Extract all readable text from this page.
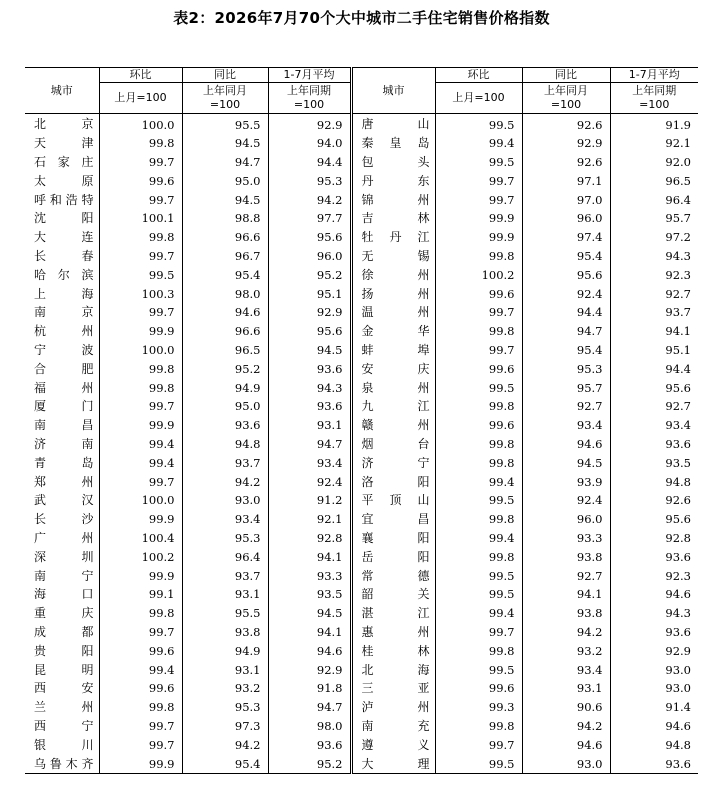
表2：2026年7月70个大中城市二手住宅销售价格指数
城市	环比	同比	1-7月平均	城市	环比	同比	1-7月平均
	上月=100	上年同月=100	上年同期=100		上月=100	上年同月=100	上年同期=100
北 京	100.0	95.5	92.9	唐 山	99.5	92.6	91.9
天 津	99.8	94.5	94.0	秦皇岛	99.4	92.9	92.1
石家庄	99.7	94.7	94.4	包 头	99.5	92.6	92.0
太 原	99.6	95.0	95.3	丹 东	99.7	97.1	96.5
呼和浩特	99.7	94.5	94.2	锦 州	99.7	97.0	96.4
沈 阳	100.1	98.8	97.7	吉 林	99.9	96.0	95.7
大 连	99.8	96.6	95.6	牡丹江	99.9	97.4	97.2
长 春	99.7	96.7	96.0	无 锡	99.8	95.4	94.3
哈尔滨	99.5	95.4	95.2	徐 州	100.2	95.6	92.3
上 海	100.3	98.0	95.1	扬 州	99.6	92.4	92.7
南 京	99.7	94.6	92.9	温 州	99.7	94.4	93.7
杭 州	99.9	96.6	95.6	金 华	99.8	94.7	94.1
宁 波	100.0	96.5	94.5	蚌 埠	99.7	95.4	95.1
合 肥	99.8	95.2	93.6	安 庆	99.6	95.3	94.4
福 州	99.8	94.9	94.3	泉 州	99.5	95.7	95.6
厦 门	99.7	95.0	93.6	九 江	99.8	92.7	92.7
南 昌	99.9	93.6	93.1	赣 州	99.6	93.4	93.4
济 南	99.4	94.8	94.7	烟 台	99.8	94.6	93.6
青 岛	99.4	93.7	93.4	济 宁	99.8	94.5	93.5
郑 州	99.7	94.2	92.4	洛 阳	99.4	93.9	94.8
武 汉	100.0	93.0	91.2	平顶山	99.5	92.4	92.6
长 沙	99.9	93.4	92.1	宜 昌	99.8	96.0	95.6
广 州	100.4	95.3	92.8	襄 阳	99.4	93.3	92.8
深 圳	100.2	96.4	94.1	岳 阳	99.8	93.8	93.6
南 宁	99.9	93.7	93.3	常 德	99.5	92.7	92.3
海 口	99.1	93.1	93.5	韶 关	99.5	94.1	94.6
重 庆	99.8	95.5	94.5	湛 江	99.4	93.8	94.3
成 都	99.7	93.8	94.1	惠 州	99.7	94.2	93.6
贵 阳	99.6	94.9	94.6	桂 林	99.8	93.2	92.9
昆 明	99.4	93.1	92.9	北 海	99.5	93.4	93.0
西 安	99.6	93.2	91.8	三 亚	99.6	93.1	93.0
兰 州	99.8	95.3	94.7	泸 州	99.3	90.6	91.4
西 宁	99.7	97.3	98.0	南 充	99.8	94.2	94.6
银 川	99.7	94.2	93.6	遵 义	99.7	94.6	94.8
乌鲁木齐	99.9	95.4	95.2	大 理	99.5	93.0	93.6
